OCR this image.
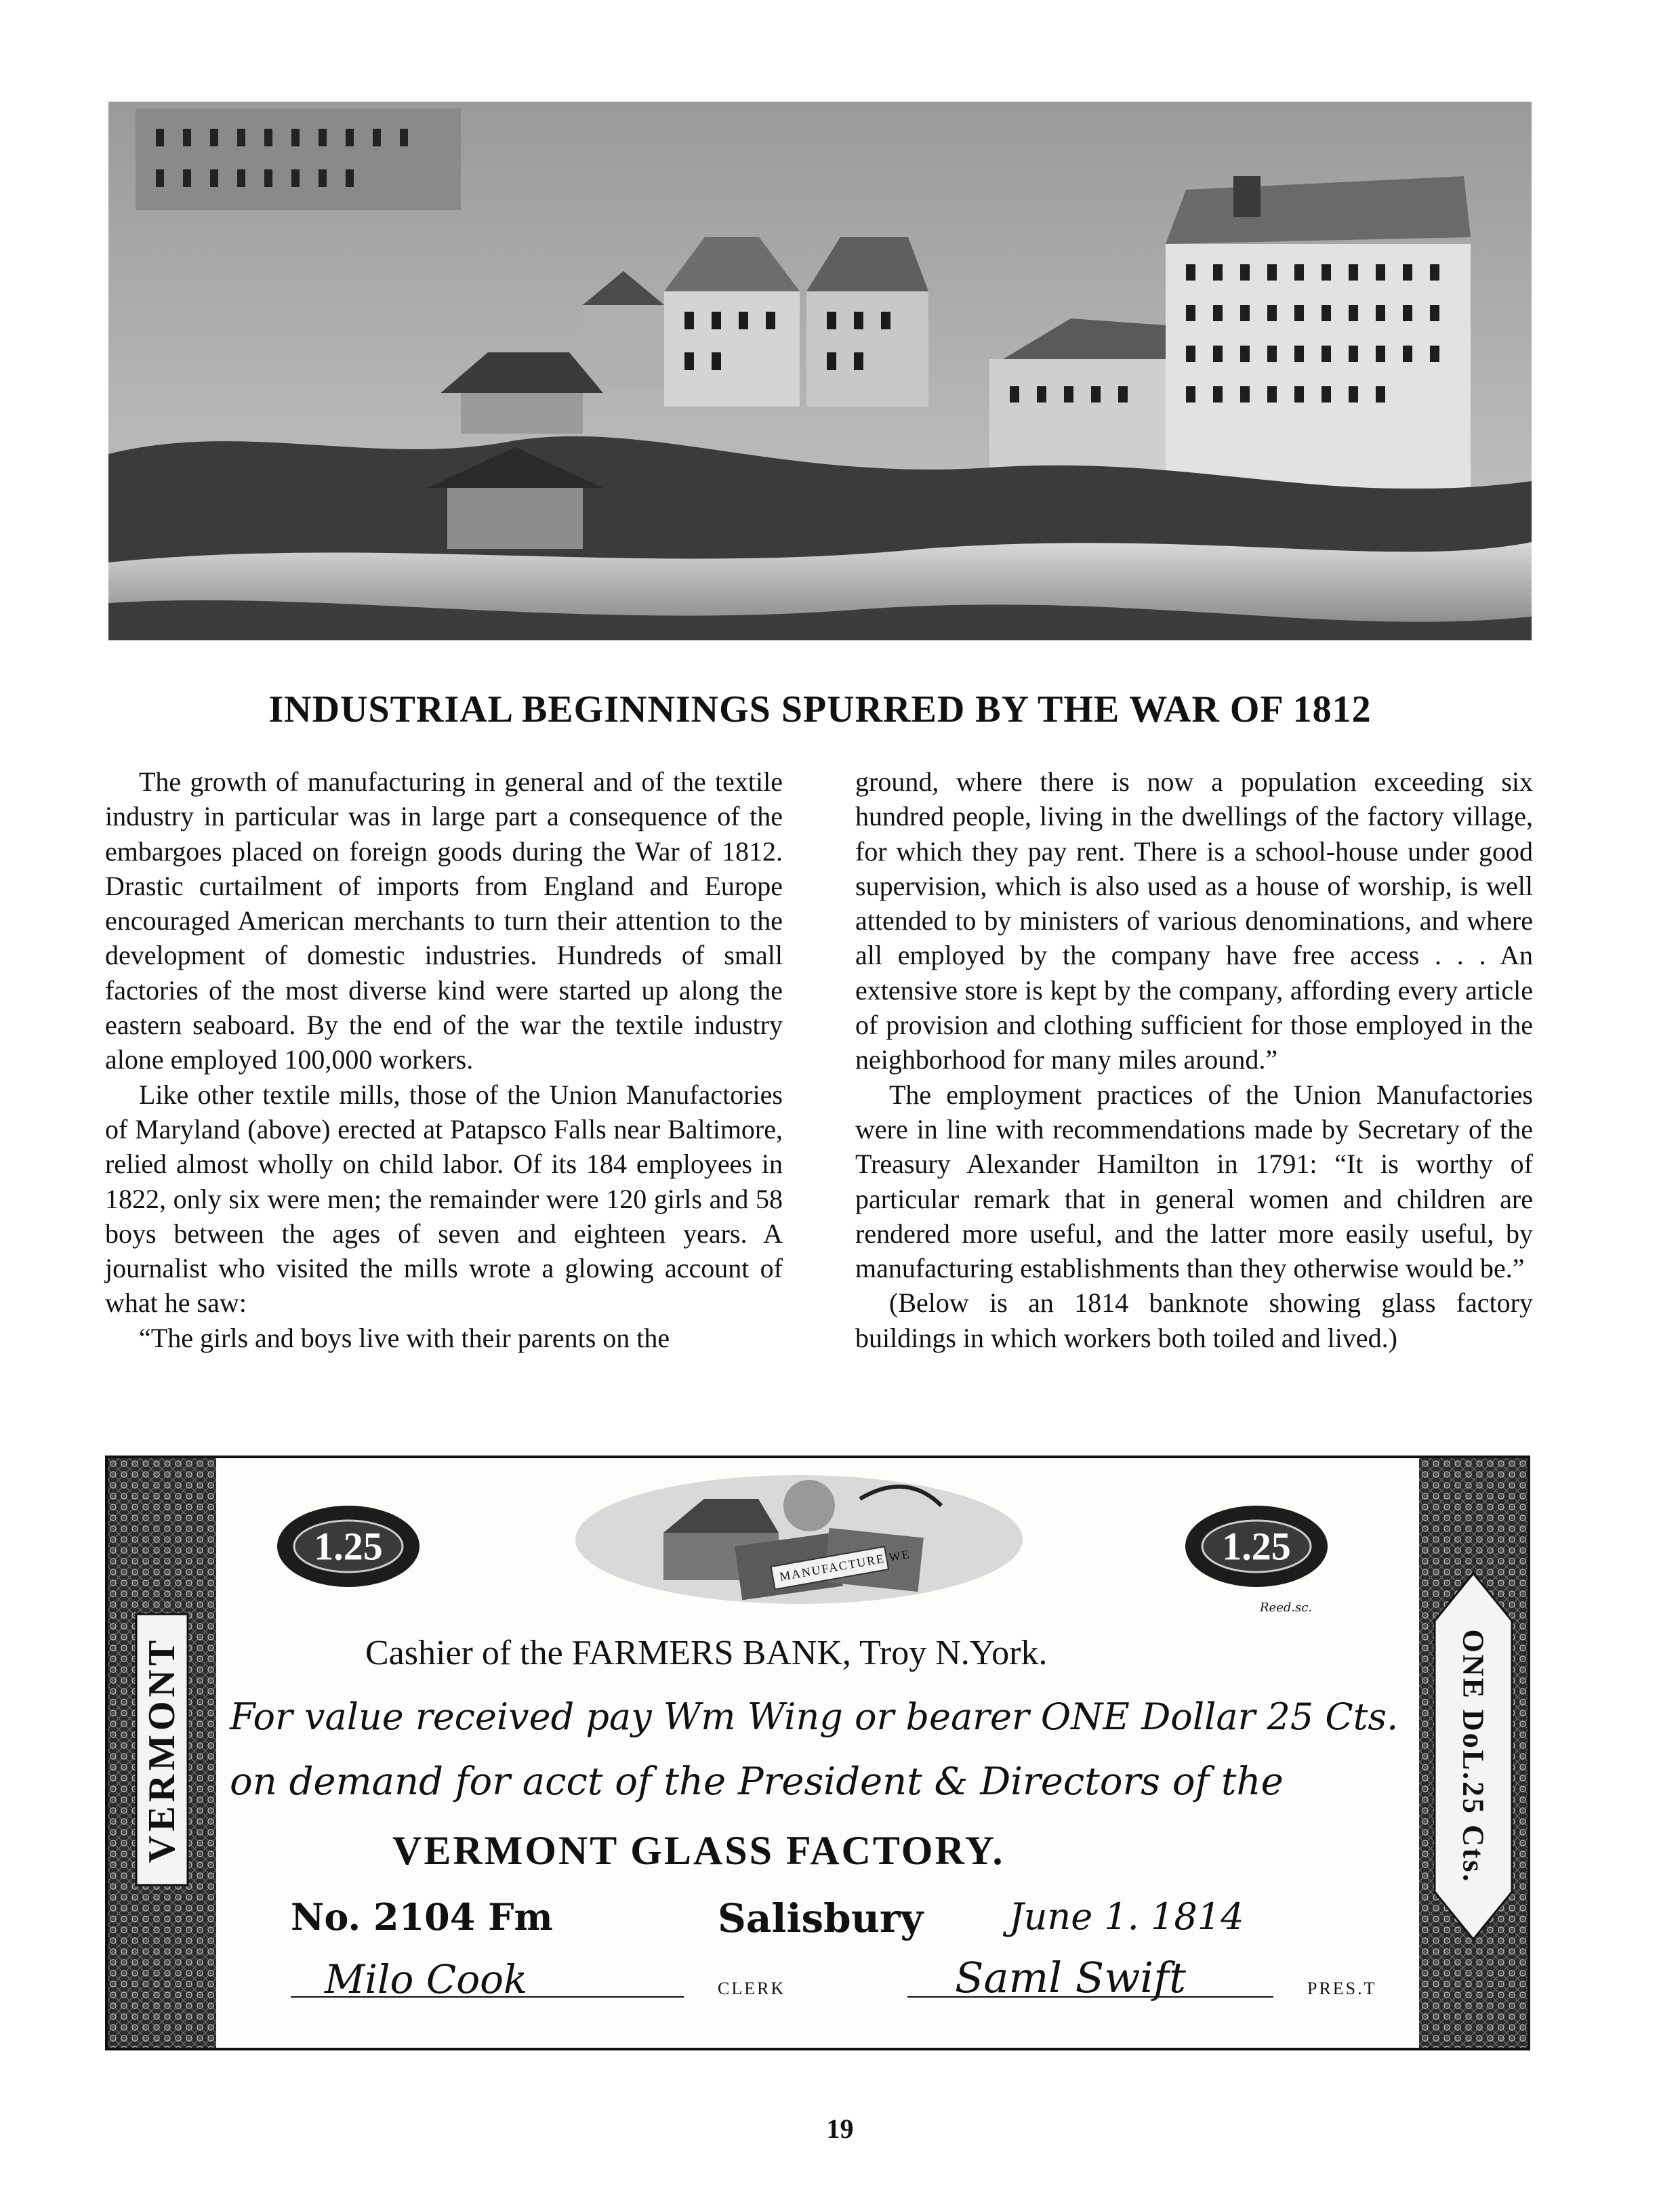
INDUSTRIAL BEGINNINGS SPURRED BY THE WAR OF 1812

The growth of manufacturing in general and of the textile industry in particular was in large part a consequence of the embargoes placed on foreign goods during the War of 1812. Drastic curtailment of imports from England and Europe encouraged American merchants to turn their attention to the development of domestic industries. Hundreds of small factories of the most diverse kind were started up along the eastern seaboard. By the end of the war the textile industry alone employed 100,000 workers.

Like other textile mills, those of the Union Manufactories of Maryland (above) erected at Patapsco Falls near Baltimore, relied almost wholly on child labor. Of its 184 employees in 1822, only six were men; the remainder were 120 girls and 58 boys between the ages of seven and eighteen years. A journalist who visited the mills wrote a glowing account of what he saw:

“The girls and boys live with their parents on the

ground, where there is now a population exceeding six hundred people, living in the dwellings of the factory village, for which they pay rent. There is a school-house under good supervision, which is also used as a house of worship, is well attended to by ministers of various denominations, and where all employed by the company have free access . . . An extensive store is kept by the company, affording every article of provision and clothing sufficient for those employed in the neighborhood for many miles around.”

The employment practices of the Union Manufactories were in line with recommendations made by Secretary of the Treasury Alexander Hamilton in 1791: “It is worthy of particular remark that in general women and children are rendered more useful, and the latter more easily useful, by manufacturing establishments than they otherwise would be.”

(Below is an 1814 banknote showing glass factory buildings in which workers both toiled and lived.)

VERMONT	ONE DoL.25 Cts.
1.25	1.25
MANUFACTURE WE
Reed.sc.
Cashier of the FARMERS BANK, Troy N.York.
For value received pay Wm Wing or bearer ONE Dollar 25 Cts.
on demand for acct of the President & Directors of the
VERMONT GLASS FACTORY.
No. 2104 Fm	Salisbury June 1. 1814
Milo Cook	CLERK	Saml Swift	PRES.T
19
